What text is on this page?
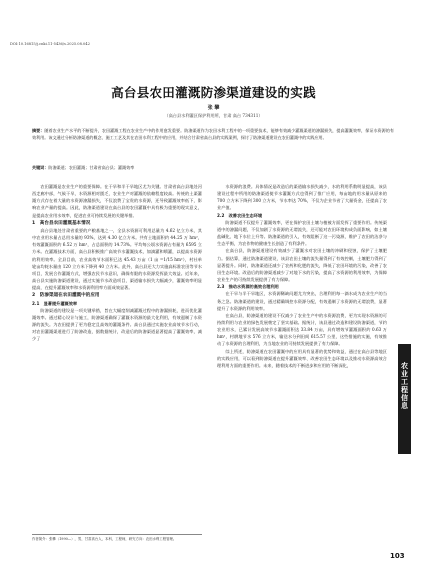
DOI:10.16815/j.cnki.11-5436/s.2025.08.042
高台县农田灌溉防渗渠道建设的实践
张 攀
（高台县水利灌区保护利用所，甘肃 高台 734311）
摘要：随着农业生产水平的不断提升，农田灌溉工程在农业生产中的作用愈发重要。防渗渠道作为农田水利工程中的一项重要技术，能够有效减少灌溉渠道的渗漏损失，提高灌溉效率，保证水资源的有效利用。该文通过分析防渗渠道的概念、施工工艺及其在农田水利工程中的应用，并结合甘肃省高台县的实践案例，探讨了防渗渠道建设在农田灌溉中的实践应用。
关键词：防渗渠道；农田灌溉；甘肃省高台县；灌溉效率

农田灌溉是农业生产的重要保障。在干旱和半干旱地区尤为关键。甘肃省高台县地处河西走廊中部，气候干旱，水资源相对匮乏，农业生产对灌溉的依赖程度较高。传统的土渠灌溉方式存在着大量的水资源渗漏损失，不仅浪费了宝贵的水资源，还导致灌溉效率低下，影响农业产量的提高。因此，防渗渠道建设在高台县的农田灌溉中具有极为重要的现实意义，是提高农业用水效率，促进农业可持续发展的关键举措。

1　高台县农田灌溉基本情况

高台县地处甘肃省重要的产粮基地之一，全县水资源可利用总量为 4.62 亿立方米，其中农业用水量占总用水量的 93%，达到 4.30 亿立方米。共有土地面积约 44.25 万 hm²，有效灌溉面积约 6.52 万 hm²，占总面积的 14.73%。平均每公顷水资源占有量为 6595 立方米。在灌溉技术方面，高台县积极推广高效节水灌溉技术，如滴灌和喷灌，以提高水资源的利用效率。全县目前，农业高效节水面积已达 45.43 万亩（1 亩 =1/15 hm²），村社单轮亩均耗水量由 120 立方米下降到 40 立方米。此外，高台县还大力实施高标准农田等节水项目，发展合作灌溉方式，增强农民节水意识，确保有限的水资源发挥最大效益。近年来，高台县实施防渗渠道建设，通过实施节水改造项目，渠道输水损失大幅减少，灌溉效率明显提高，在提升灌溉效率和水资源利用率方面成效显著。

2　防渗渠道在农田灌溉中的应用
2.1　显著提升灌溉效率

防渗渠道的建设是一项关键举措，旨在大幅度削减灌溉过程中的渗漏损耗，进而优化灌溉效率。通过精心设计与施工，防渗渠道确保了灌溉水资源的最大化利用，有效遏制了水资源的流失。为农田提供了更为稳定且高效的灌溉条件。高台县通过实施农业高效节水行动，对农田灌溉渠道进行了防渗改造，据数据统计，改造后的防渗渠道显著提高了灌溉效率，减少了

水资源的浪费。具体情况是改造后的渠道输水损失减少，水的利用系数明显提高，该县建设过程中所用的防渗渠道使节水灌溉方式也得到了推广应用，每亩地的用水量从原来的 700 立方米下降到 300 立方米，节水率达 70%，不仅为企业节省了大量资金，还提高了农业产值。

2.2　改善农田生态环境

防渗渠道不仅提升了灌溉效率，更在保护农田土壤与植被方面发挥了重要作用。传统渠道中的渗漏问题，不仅加剧了水资源的无谓流失，还可能对农田环境构成负面影响，如土壤盐碱化、地下水位上升等。防渗渠道的引入，有效阻断了这一污染源，维护了农田的洁净与生态平衡，为农作物的健康生长创造了有利条件。

在高台县，防渗渠道建设有效减少了灌溉水对农田土壤的冲刷和侵蚀，保护了土壤肥力。据估算，通过防渗渠道建设，该县农田土壤的流失量得到了有效控制，土壤肥力得到了显著提升。同时，防渗渠道还减少了农药和化肥的流失，降低了农田环境的污染，改善了农田生态环境。改造后的防渗渠道减少了对地下水的污染，提高了水资源的利用效率，为保障农业生产的可持续发展提供了有力保障。

2.3　推动水资源的高效合理利用

在干旱与半干旱地区，水资源稀缺问题尤为突出，合理利用每一滴水成为农业生产的当务之急。防渗渠道的建设，通过精确调控水资源分配，有效遏制了水资源的无谓浪费，显著提升了水资源的利用效率。

在高台县，防渗渠道的建设不仅减少了农业生产中的水资源浪费，更为实现水资源的可持续利用与农业的绿色发展奠定了坚实基础。据统计，该县通过改造和建设防渗渠道，节约农业用水，已累计发展高效节水灌溉面积达 33.84 万亩，具有增效节灌溉面积约 0.63 万 hm²，村耕地节水 576 立方米，输送水分到田间 615.57 公里，这些措施的实施，有效推动了水资源的合理利用，为当地农业的可持续发展提供了有力保障。

综上所述，防渗渠道在农田灌溉中的应用具有显著的优势和效益，通过在高台县等地区的实践应用，可以看到防渗渠道在提升灌溉效率、改善农田生态环境以及推动水资源高效合理利用方面的重要作用。未来，随着技术的不断进步和应用的不断深化，

作者简介：张攀（1990—），男，甘肃高台人，本科，工程师，研究方向：农田水利工程管理。
农业工程信息
103
